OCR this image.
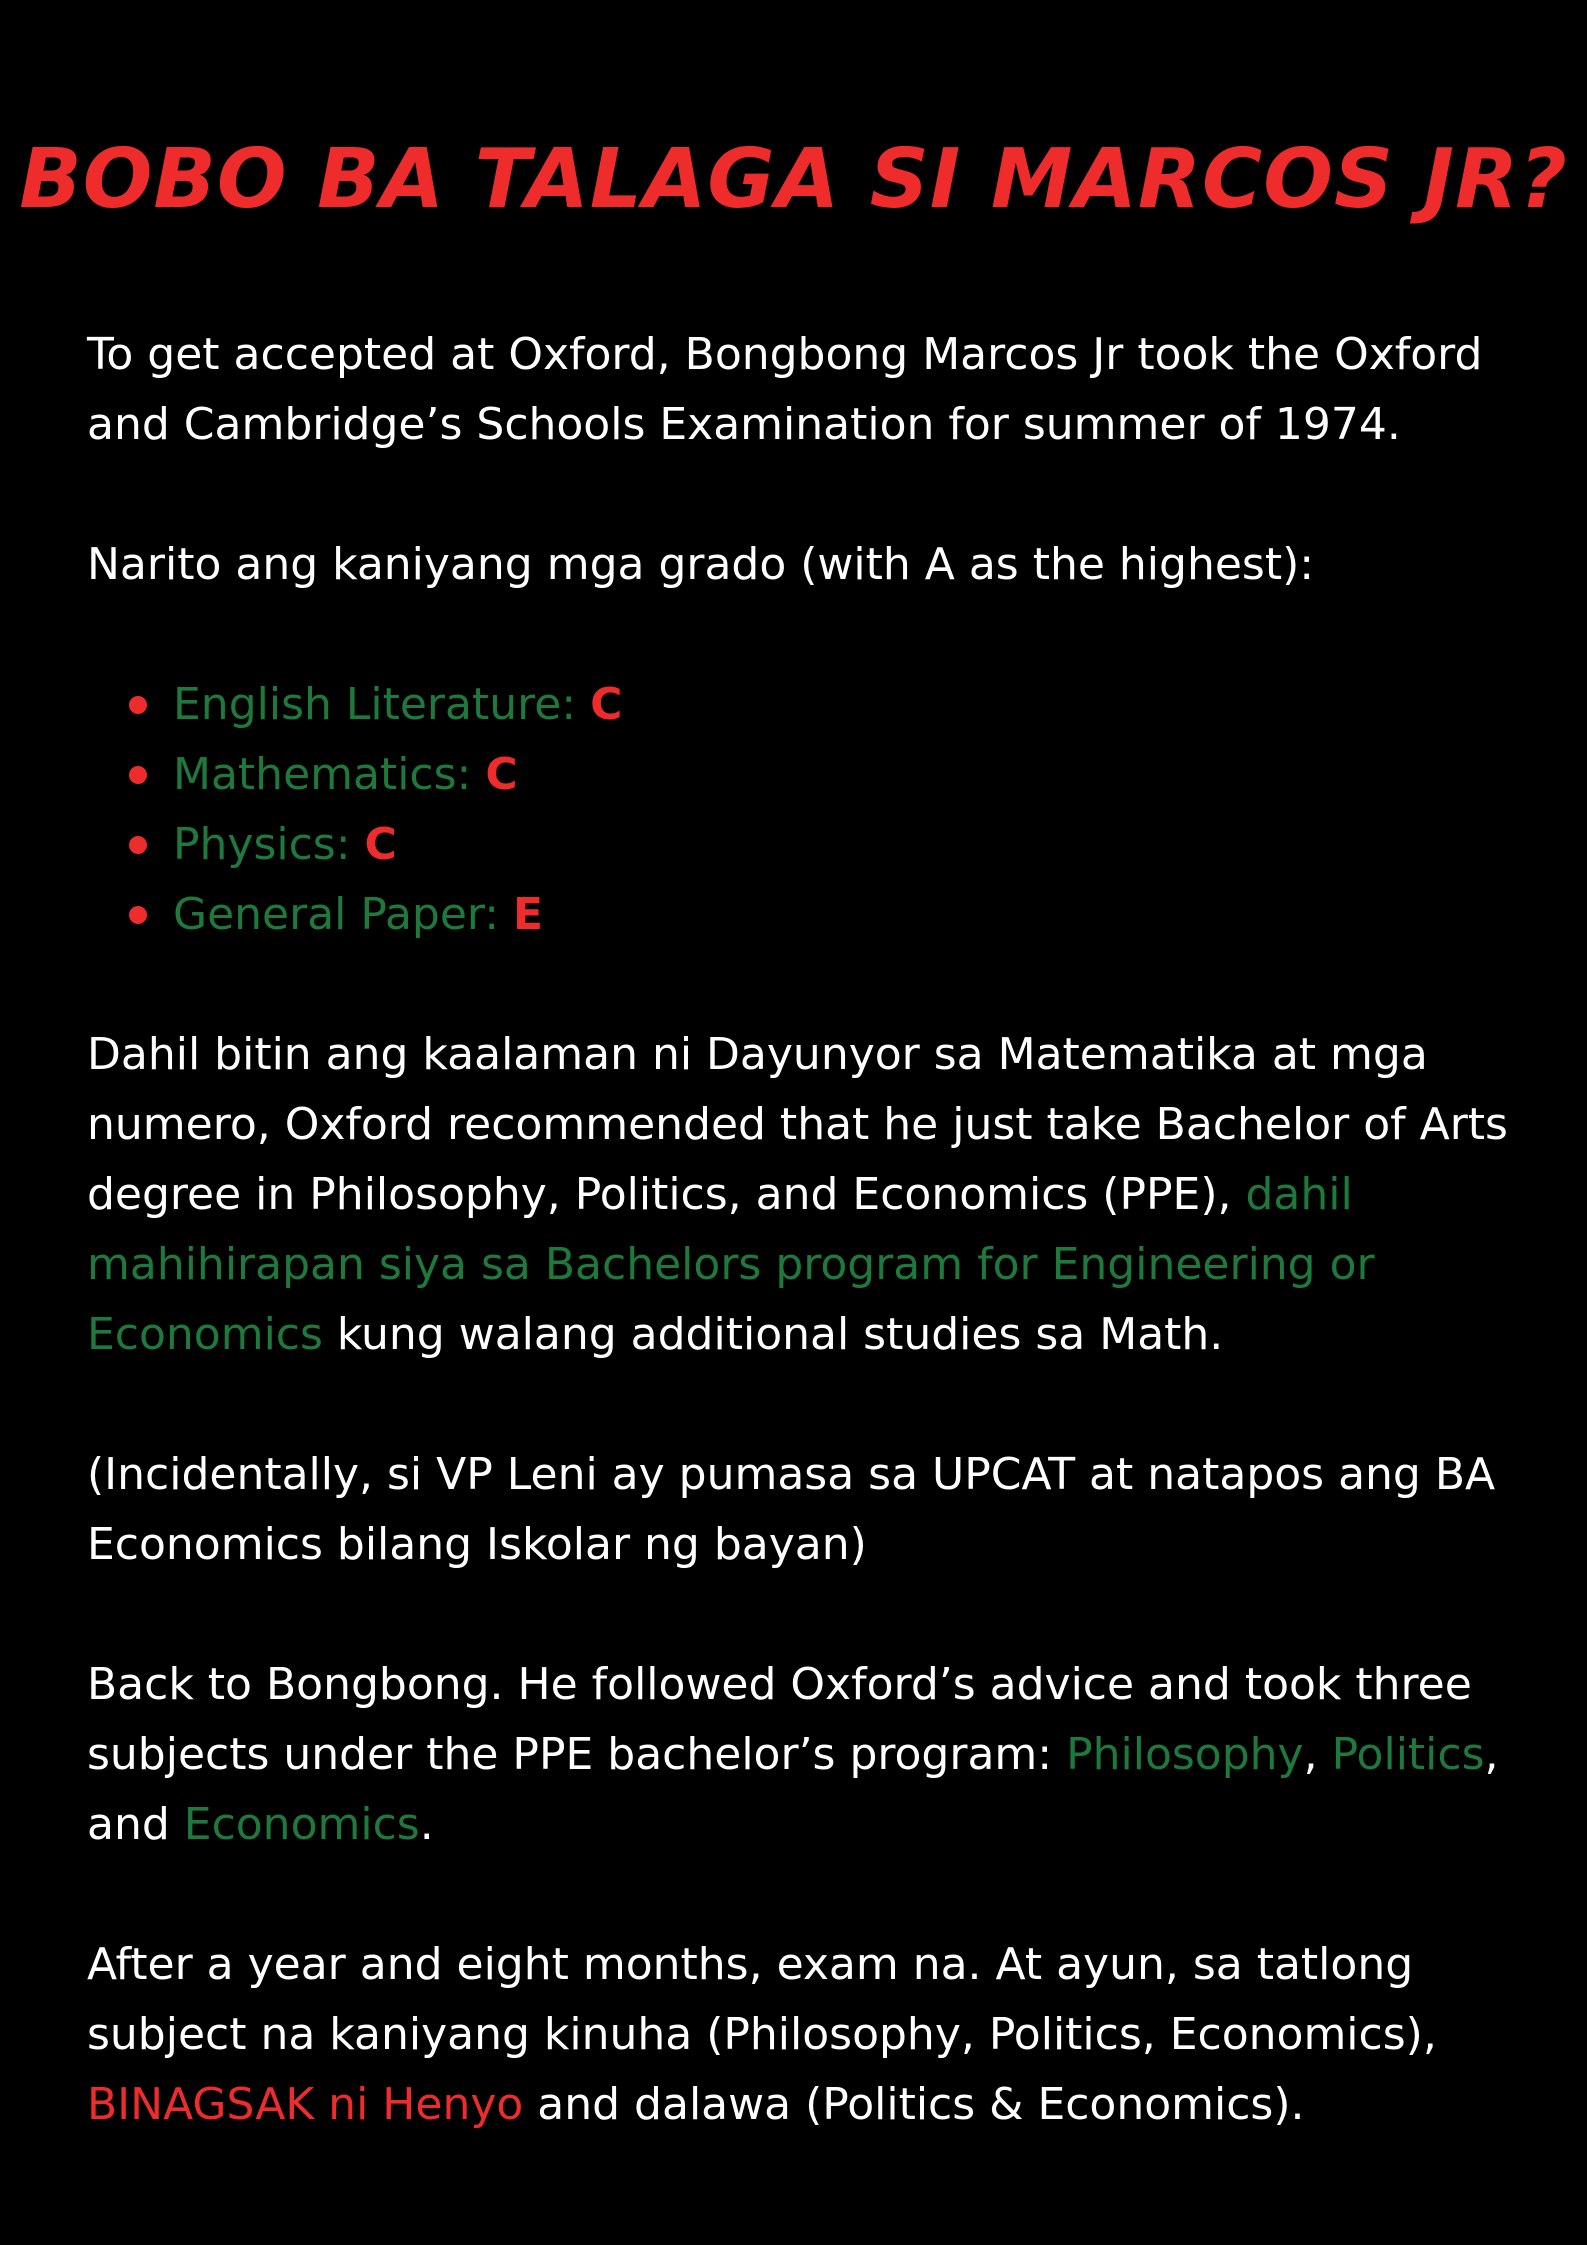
BOBO BA TALAGA SI MARCOS JR?

To get accepted at Oxford, Bongbong Marcos Jr took the Oxford and Cambridge’s Schools Examination for summer of 1974.

Narito ang kaniyang mga grado (with A as the highest):

English Literature: C
Mathematics: C
Physics: C
General Paper: E

Dahil bitin ang kaalaman ni Dayunyor sa Matematika at mga numero, Oxford recommended that he just take Bachelor of Arts degree in Philosophy, Politics, and Economics (PPE), dahil mahihirapan siya sa Bachelors program for Engineering or Economics kung walang additional studies sa Math.

(Incidentally, si VP Leni ay pumasa sa UPCAT at natapos ang BA Economics bilang Iskolar ng bayan)

Back to Bongbong. He followed Oxford’s advice and took three subjects under the PPE bachelor’s program: Philosophy, Politics, and Economics.

After a year and eight months, exam na. At ayun, sa tatlong subject na kaniyang kinuha (Philosophy, Politics, Economics), BINAGSAK ni Henyo and dalawa (Politics & Economics).
